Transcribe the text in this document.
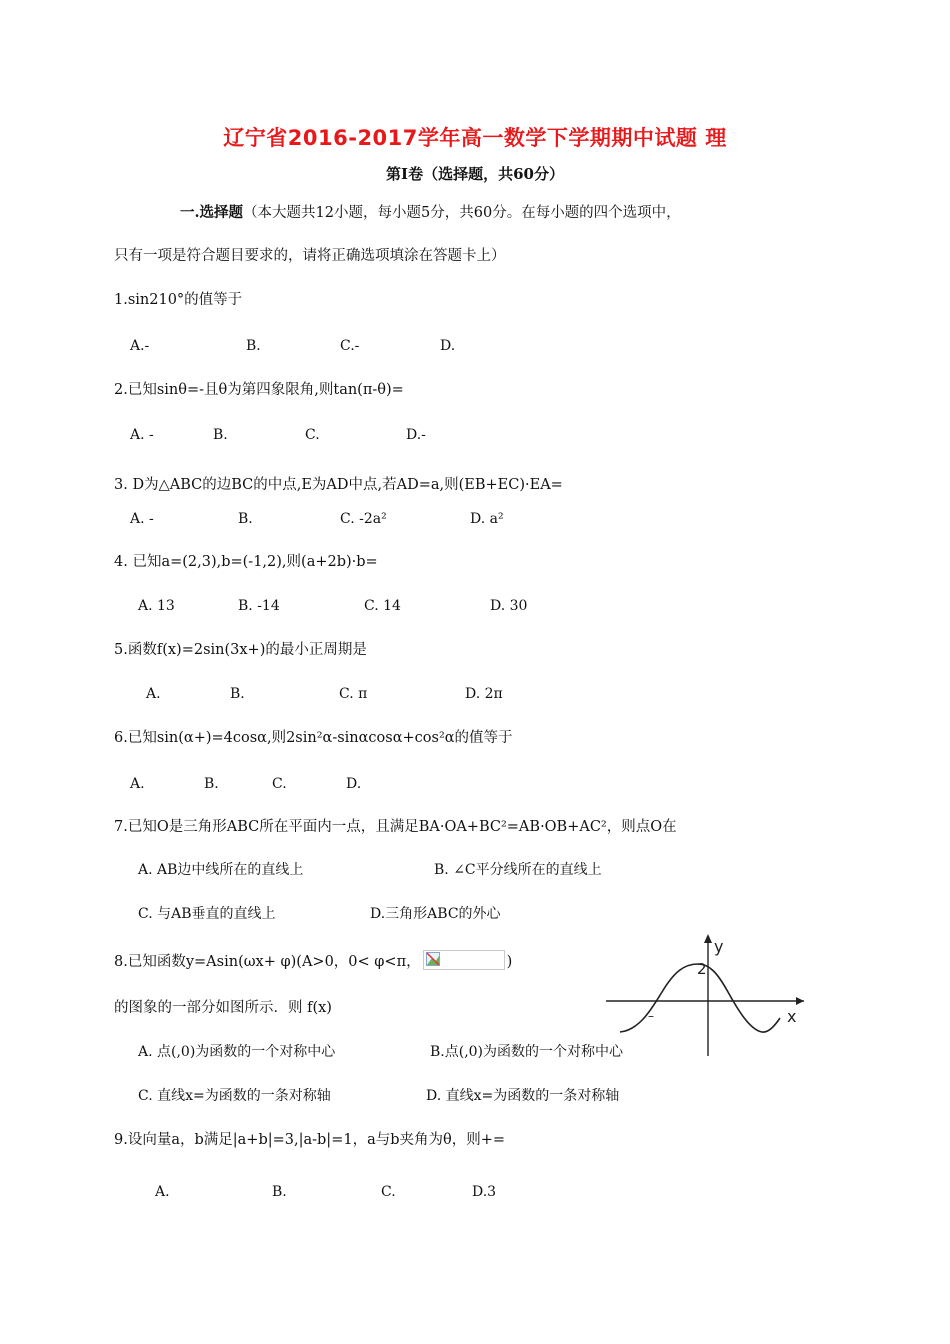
辽宁省2016-2017学年高一数学下学期期中试题 理
第Ⅰ卷（选择题，共60分）
一.选择题（本大题共12小题，每小题5分，共60分。在每小题的四个选项中，
只有一项是符合题目要求的，请将正确选项填涂在答题卡上）
1.sin210°的值等于
A.-	B.	C.-	D.
2.已知sinθ=-且θ为第四象限角,则tan(π-θ)=
A. -	B.	C.	D.-
3. D为△ABC的边BC的中点,E为AD中点,若AD=a,则(EB+EC)·EA=
A. -	B.	C. -2a²	D. a²
4. 已知a=(2,3),b=(-1,2),则(a+2b)·b=
A. 13	B. -14	C. 14	D. 30
5.函数f(x)=2sin(3x+)的最小正周期是
A.	B.	C. π	D. 2π
6.已知sin(α+)=4cosα,则2sin²α-sinαcosα+cos²α的值等于
A.	B.	C.	D.
7.已知O是三角形ABC所在平面内一点，且满足BA·OA+BC²=AB·OB+AC²，则点O在
A. AB边中线所在的直线上	B. ∠C平分线所在的直线上
C. 与AB垂直的直线上	D.三角形ABC的外心
8.已知函数y=Asin(ωx+ φ)(A>0，0< φ<π，	)
的图象的一部分如图所示．则 f(x)
A. 点(,0)为函数的一个对称中心	B.点(,0)为函数的一个对称中心
C. 直线x=为函数的一条对称轴	D. 直线x=为函数的一条对称轴
y
x
2
–
9.设向量a，b满足|a+b|=3,|a-b|=1，a与b夹角为θ，则+=
A.	B.	C.	D.3
